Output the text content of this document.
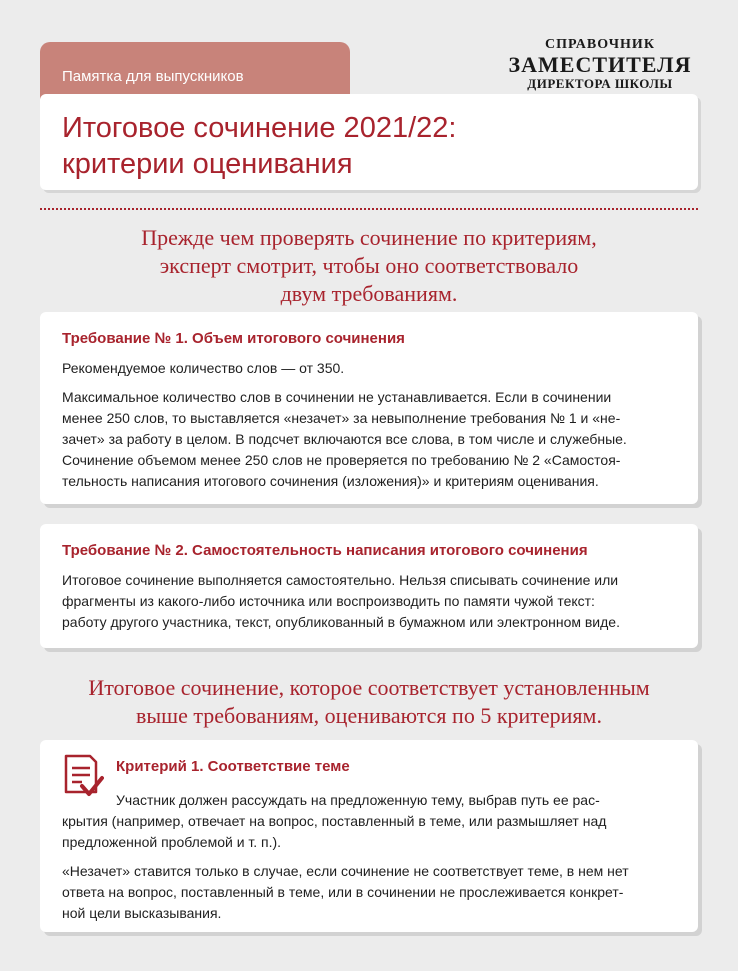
Памятка для выпускников
Итоговое сочинение 2021/22:
критерии оценивания
СПРАВОЧНИК
ЗАМЕСТИТЕЛЯ
ДИРЕКТОРА ШКОЛЫ
Прежде чем проверять сочинение по критериям,
эксперт смотрит, чтобы оно соответствовало
двум требованиям.
Требование № 1. Объем итогового сочинения

Рекомендуемое количество слов — от 350.

Максимальное количество слов в сочинении не устанавливается. Если в сочинении
менее 250 слов, то выставляется «незачет» за невыполнение требования № 1 и «не-
зачет» за работу в целом. В подсчет включаются все слова, в том числе и служебные.
Сочинение объемом менее 250 слов не проверяется по требованию № 2 «Самостоя-
тельность написания итогового сочинения (изложения)» и критериям оценивания.

Требование № 2. Самостоятельность написания итогового сочинения

Итоговое сочинение выполняется самостоятельно. Нельзя списывать сочинение или
фрагменты из какого-либо источника или воспроизводить по памяти чужой текст:
работу другого участника, текст, опубликованный в бумажном или электронном виде.

Итоговое сочинение, которое соответствует установленным
выше требованиям, оцениваются по 5 критериям.
Критерий 1. Соответствие теме

Участник должен рассуждать на предложенную тему, выбрав путь ее рас-
крытия (например, отвечает на вопрос, поставленный в теме, или размышляет над
предложенной проблемой и т. п.).

«Незачет» ставится только в случае, если сочинение не соответствует теме, в нем нет
ответа на вопрос, поставленный в теме, или в сочинении не прослеживается конкрет-
ной цели высказывания.
